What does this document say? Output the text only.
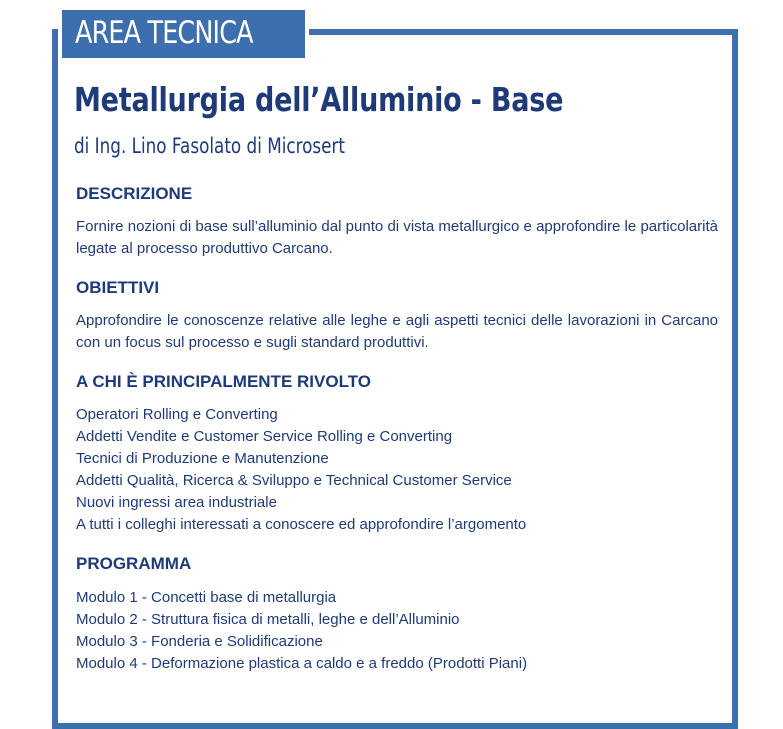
AREA TECNICA
Metallurgia dell’Alluminio - Base
di Ing. Lino Fasolato di Microsert
DESCRIZIONE
Fornire nozioni di base sull’alluminio dal punto di vista metallurgico e approfondire le particolarità legate al processo produttivo Carcano.
OBIETTIVI
Approfondire le conoscenze relative alle leghe e agli aspetti tecnici delle lavorazioni in Carcano con un focus sul processo e sugli standard produttivi.
A CHI È PRINCIPALMENTE RIVOLTO
Operatori Rolling e Converting
Addetti Vendite e Customer Service Rolling e Converting
Tecnici di Produzione e Manutenzione
Addetti Qualità, Ricerca & Sviluppo e Technical Customer Service
Nuovi ingressi area industriale
A tutti i colleghi interessati a conoscere ed approfondire l’argomento
PROGRAMMA
Modulo 1 - Concetti base di metallurgia
Modulo 2 - Struttura fisica di metalli, leghe e dell’Alluminio
Modulo 3 - Fonderia e Solidificazione
Modulo 4 - Deformazione plastica a caldo e a freddo (Prodotti Piani)
